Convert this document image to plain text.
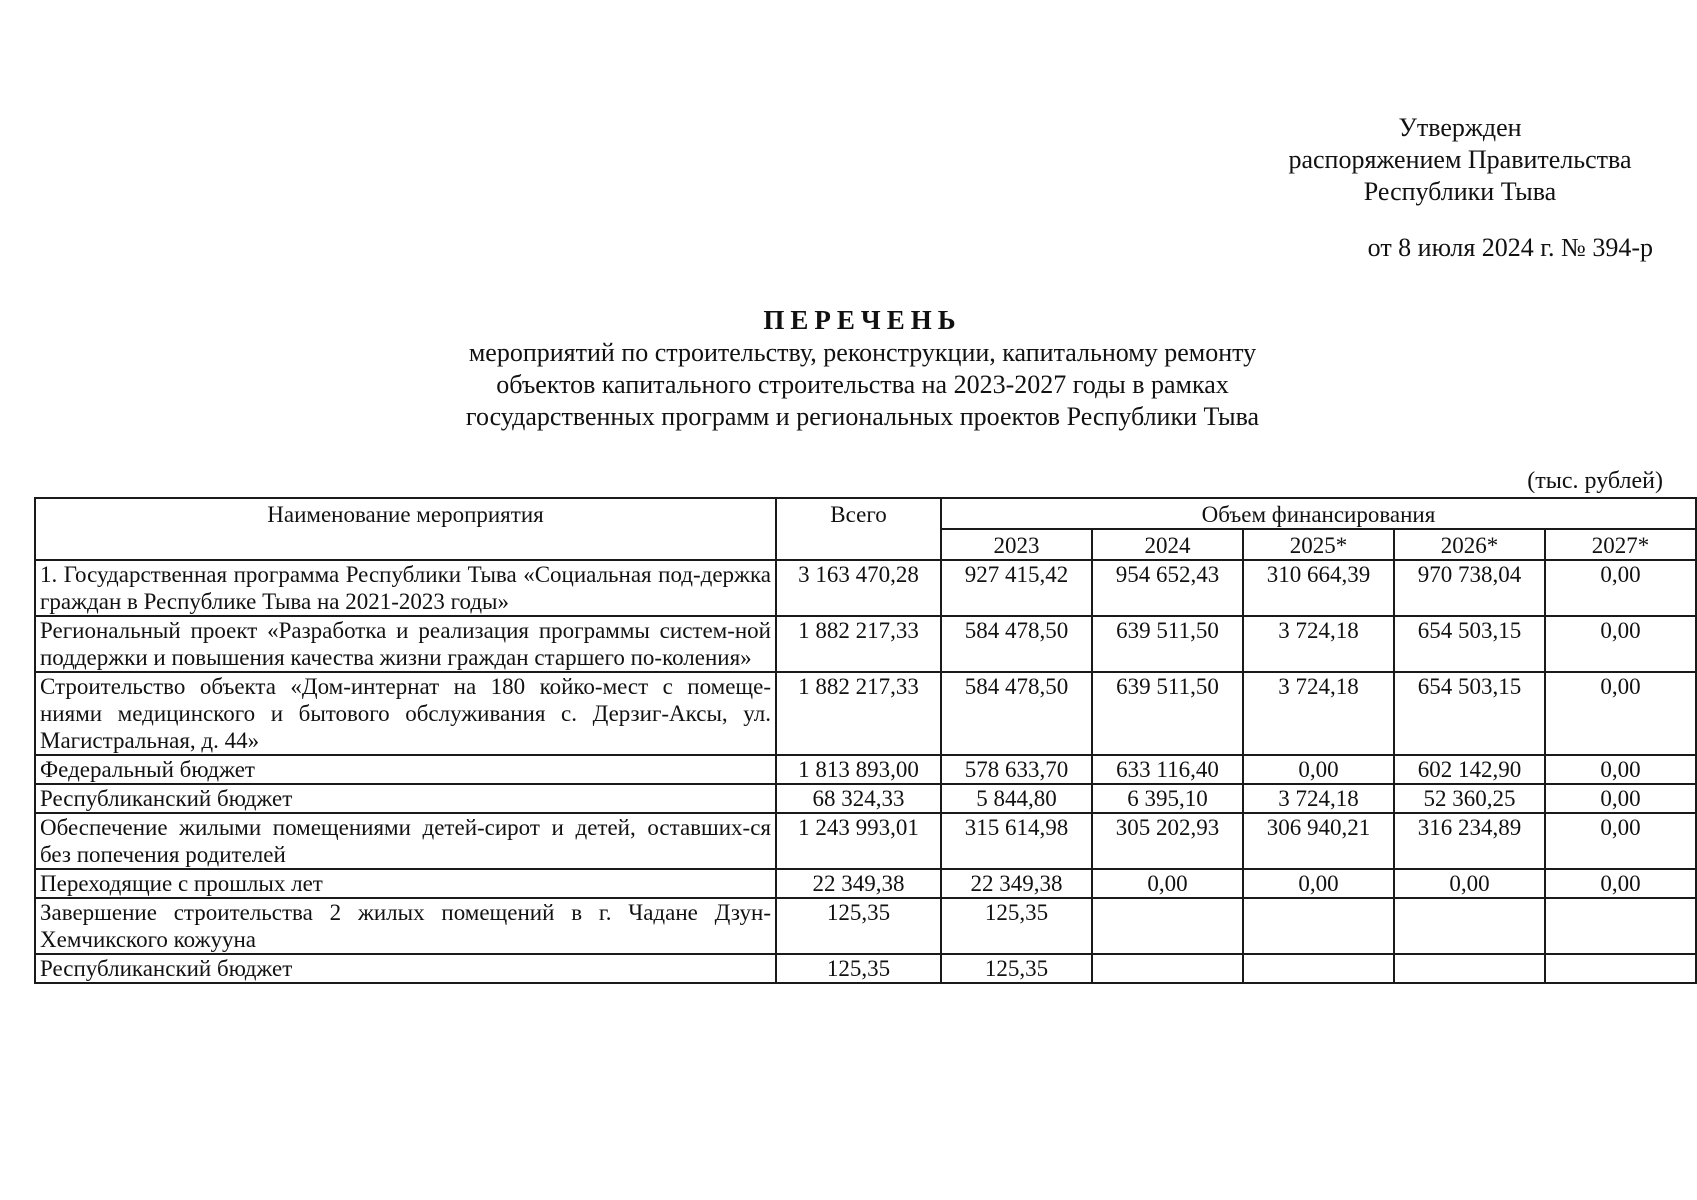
Утвержден
распоряжением Правительства
Республики Тыва
от 8 июля 2024 г. № 394-р
ПЕРЕЧЕНЬ
мероприятий по строительству, реконструкции, капитальному ремонту
объектов капитального строительства на 2023-2027 годы в рамках
государственных программ и региональных проектов Республики Тыва
(тыс. рублей)
Наименование мероприятия	Всего	Объем финансирования				
		2023	2024	2025*	2026*	2027*
1. Государственная программа Республики Тыва «Социальная под-держка граждан в Республике Тыва на 2021-2023 годы»	3 163 470,28	927 415,42	954 652,43	310 664,39	970 738,04	0,00
Региональный проект «Разработка и реализация программы систем-ной поддержки и повышения качества жизни граждан старшего по-коления»	1 882 217,33	584 478,50	639 511,50	3 724,18	654 503,15	0,00
Строительство объекта «Дом-интернат на 180 койко-мест с помеще-ниями медицинского и бытового обслуживания с. Дерзиг-Аксы, ул. Магистральная, д. 44»	1 882 217,33	584 478,50	639 511,50	3 724,18	654 503,15	0,00
Федеральный бюджет	1 813 893,00	578 633,70	633 116,40	0,00	602 142,90	0,00
Республиканский бюджет	68 324,33	5 844,80	6 395,10	3 724,18	52 360,25	0,00
Обеспечение жилыми помещениями детей-сирот и детей, оставших-ся без попечения родителей	1 243 993,01	315 614,98	305 202,93	306 940,21	316 234,89	0,00
Переходящие с прошлых лет	22 349,38	22 349,38	0,00	0,00	0,00	0,00
Завершение строительства 2 жилых помещений в г. Чадане Дзун-Хемчикского кожууна	125,35	125,35				
Республиканский бюджет	125,35	125,35				
